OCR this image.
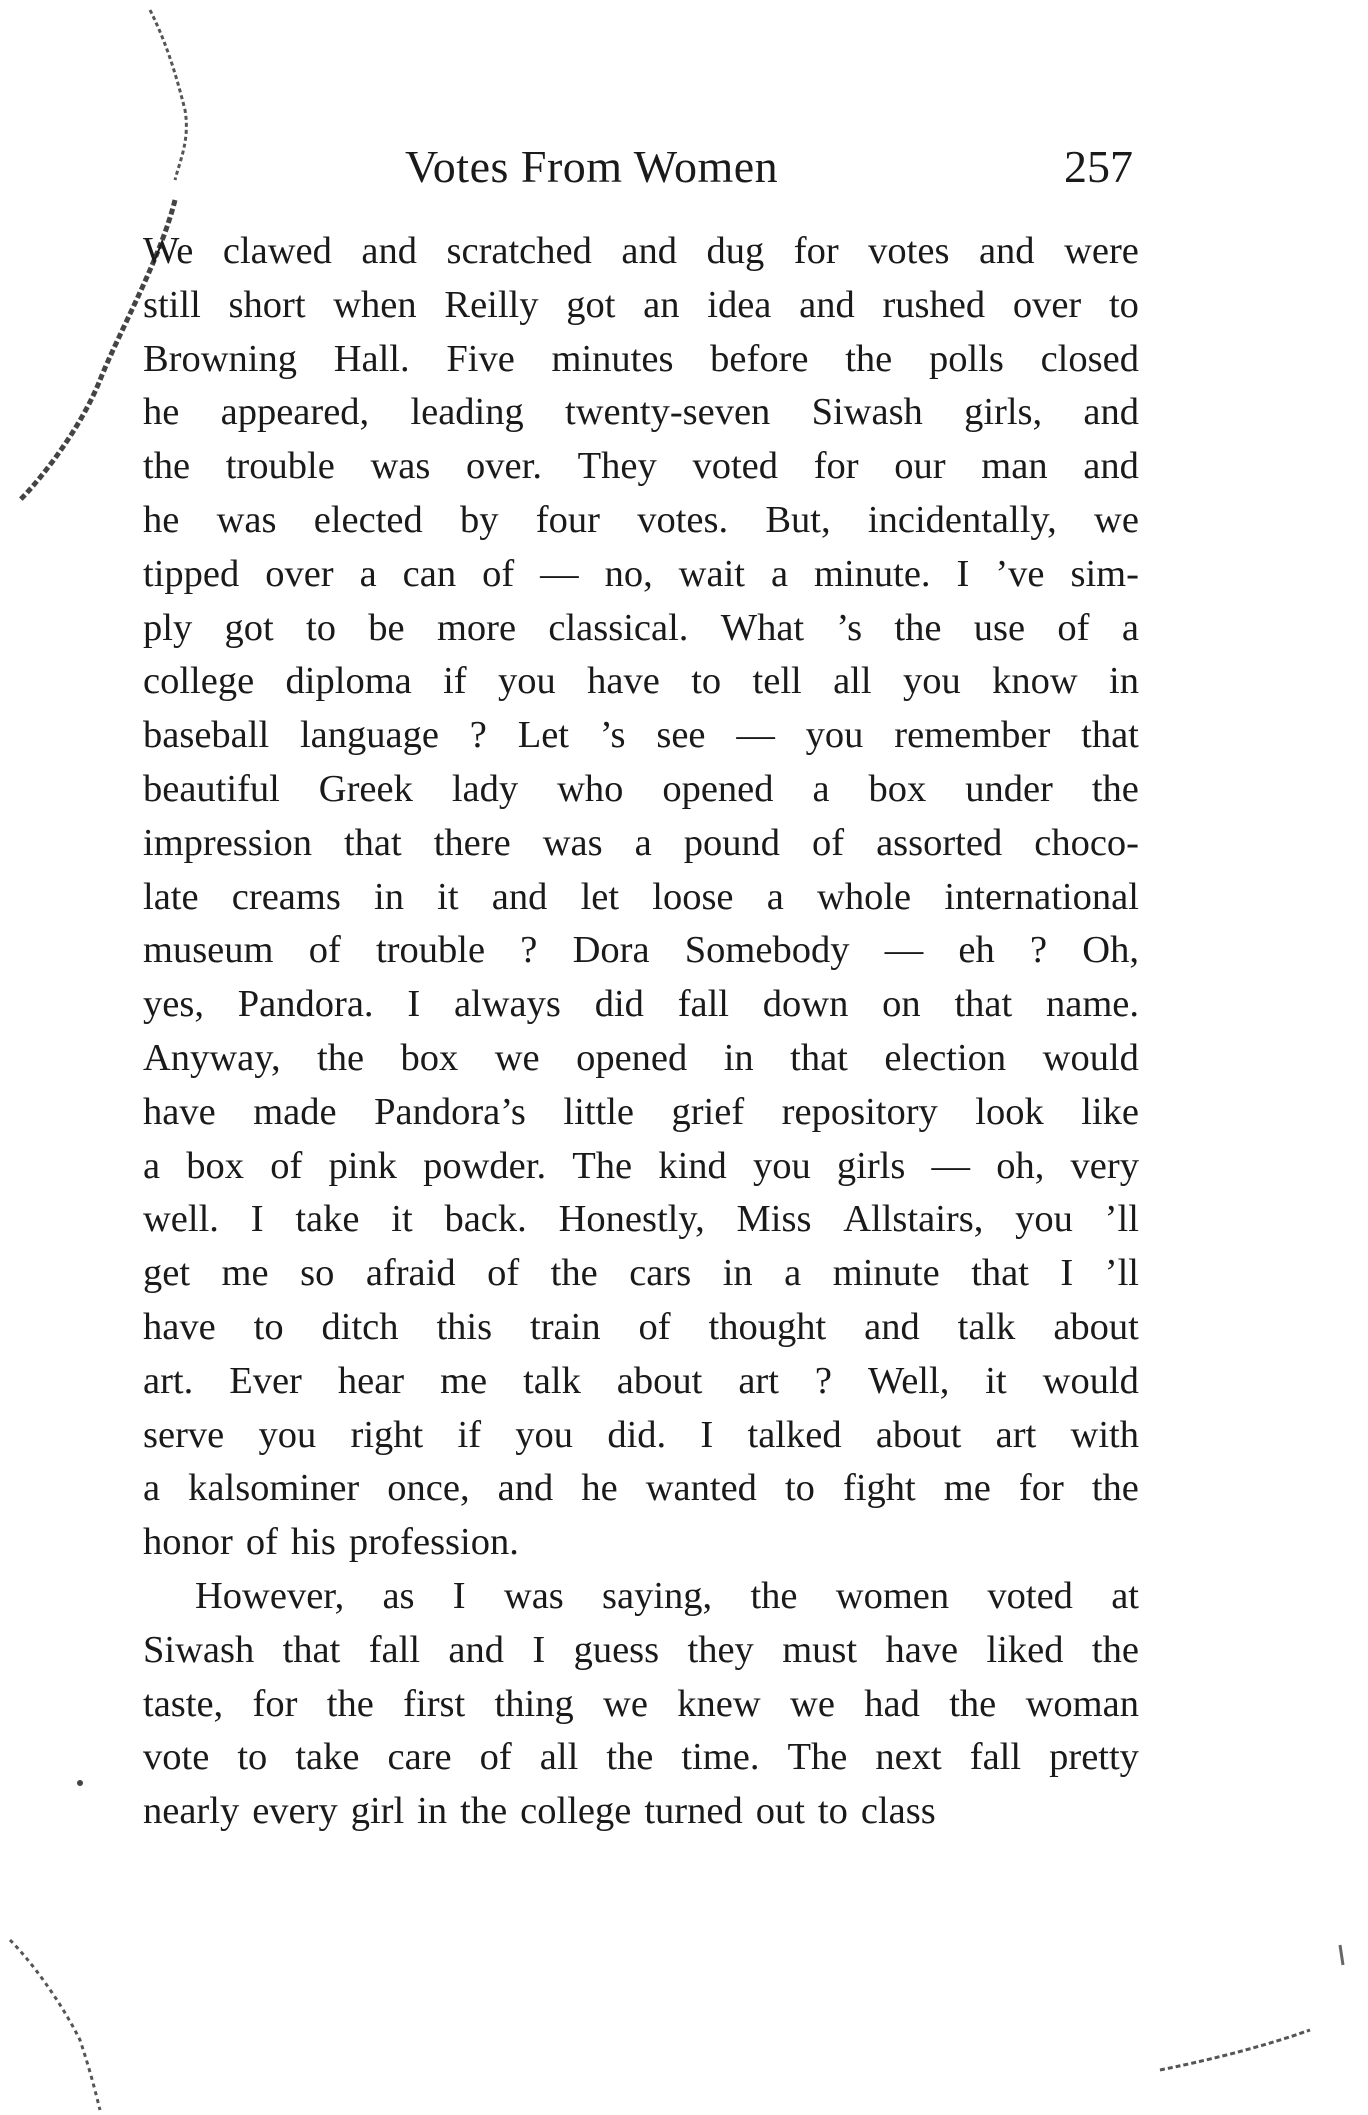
Votes From Women	257
We clawed and scratched and dug for votes and were
still short when Reilly got an idea and rushed over to
Browning Hall. Five minutes before the polls closed
he appeared, leading twenty-seven Siwash girls, and
the trouble was over. They voted for our man and
he was elected by four votes. But, incidentally, we
tipped over a can of — no, wait a minute. I ’ve sim-
ply got to be more classical. What ’s the use of a
college diploma if you have to tell all you know in
baseball language ? Let ’s see — you remember that
beautiful Greek lady who opened a box under the
impression that there was a pound of assorted choco-
late creams in it and let loose a whole international
museum of trouble ? Dora Somebody — eh ? Oh,
yes, Pandora. I always did fall down on that name.
Anyway, the box we opened in that election would
have made Pandora’s little grief repository look like
a box of pink powder. The kind you girls — oh, very
well. I take it back. Honestly, Miss Allstairs, you ’ll
get me so afraid of the cars in a minute that I ’ll
have to ditch this train of thought and talk about
art. Ever hear me talk about art ? Well, it would
serve you right if you did. I talked about art with
a kalsominer once, and he wanted to fight me for the
honor of his profession.
However, as I was saying, the women voted at
Siwash that fall and I guess they must have liked the
taste, for the first thing we knew we had the woman
vote to take care of all the time. The next fall pretty
nearly every girl in the college turned out to class
